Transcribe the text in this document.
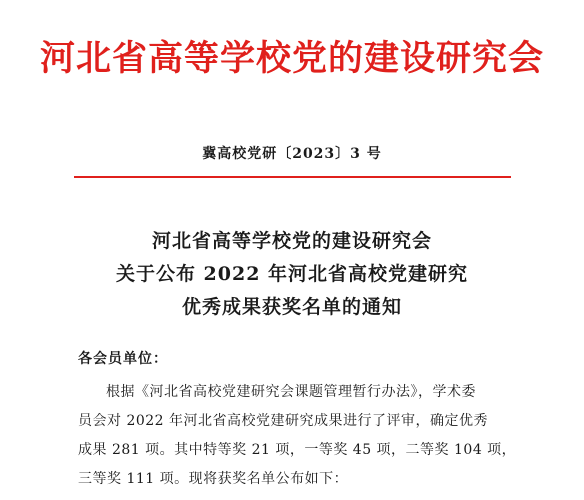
河北省高等学校党的建设研究会
冀高校党研〔2023〕3 号
河北省高等学校党的建设研究会
关于公布 2022 年河北省高校党建研究
优秀成果获奖名单的通知
各会员单位：
根据《河北省高校党建研究会课题管理暂行办法》，学术委
员会对 2022 年河北省高校党建研究成果进行了评审，确定优秀
成果 281 项。其中特等奖 21 项，一等奖 45 项，二等奖 104 项，
三等奖 111 项。现将获奖名单公布如下：
